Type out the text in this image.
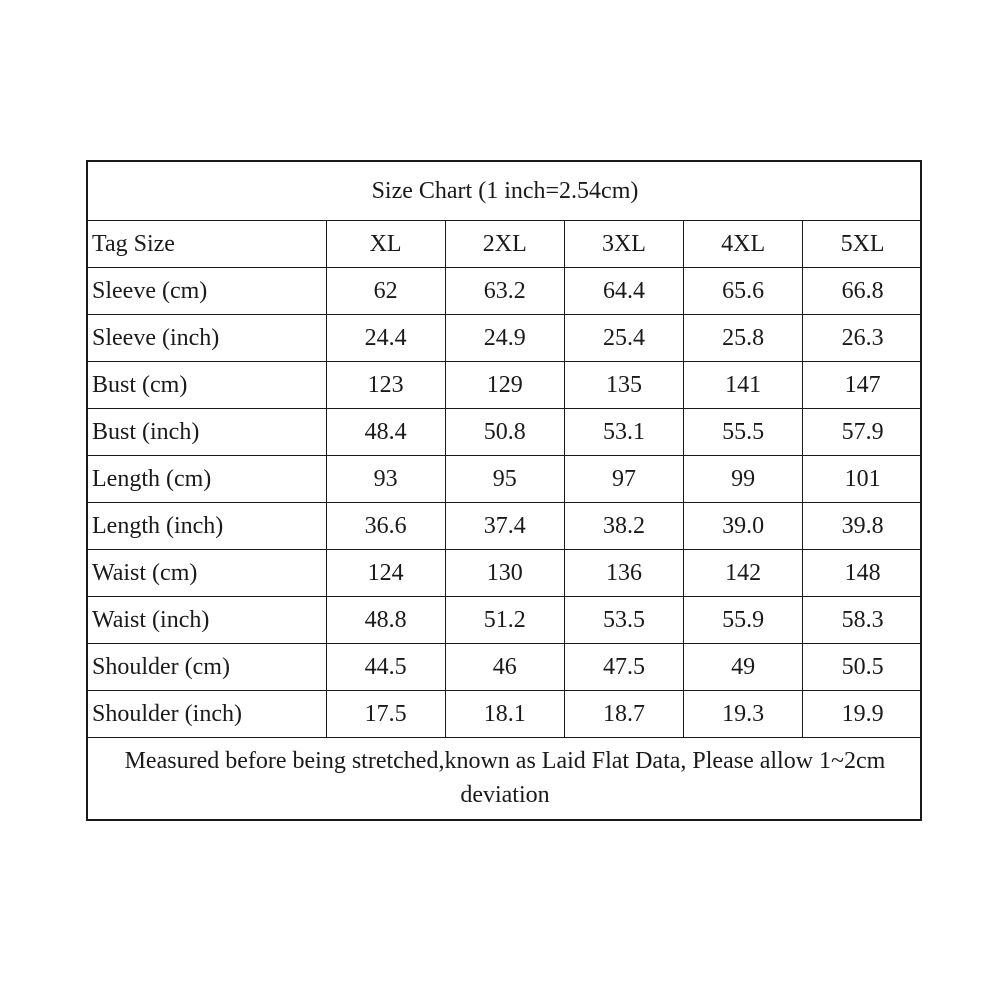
Size Chart (1 inch=2.54cm)					
Tag Size	XL	2XL	3XL	4XL	5XL
Sleeve (cm)	62	63.2	64.4	65.6	66.8
Sleeve (inch)	24.4	24.9	25.4	25.8	26.3
Bust (cm)	123	129	135	141	147
Bust (inch)	48.4	50.8	53.1	55.5	57.9
Length (cm)	93	95	97	99	101
Length (inch)	36.6	37.4	38.2	39.0	39.8
Waist (cm)	124	130	136	142	148
Waist (inch)	48.8	51.2	53.5	55.9	58.3
Shoulder (cm)	44.5	46	47.5	49	50.5
Shoulder (inch)	17.5	18.1	18.7	19.3	19.9
Measured before being stretched,known as Laid Flat Data, Please allow 1~2cm deviation					
